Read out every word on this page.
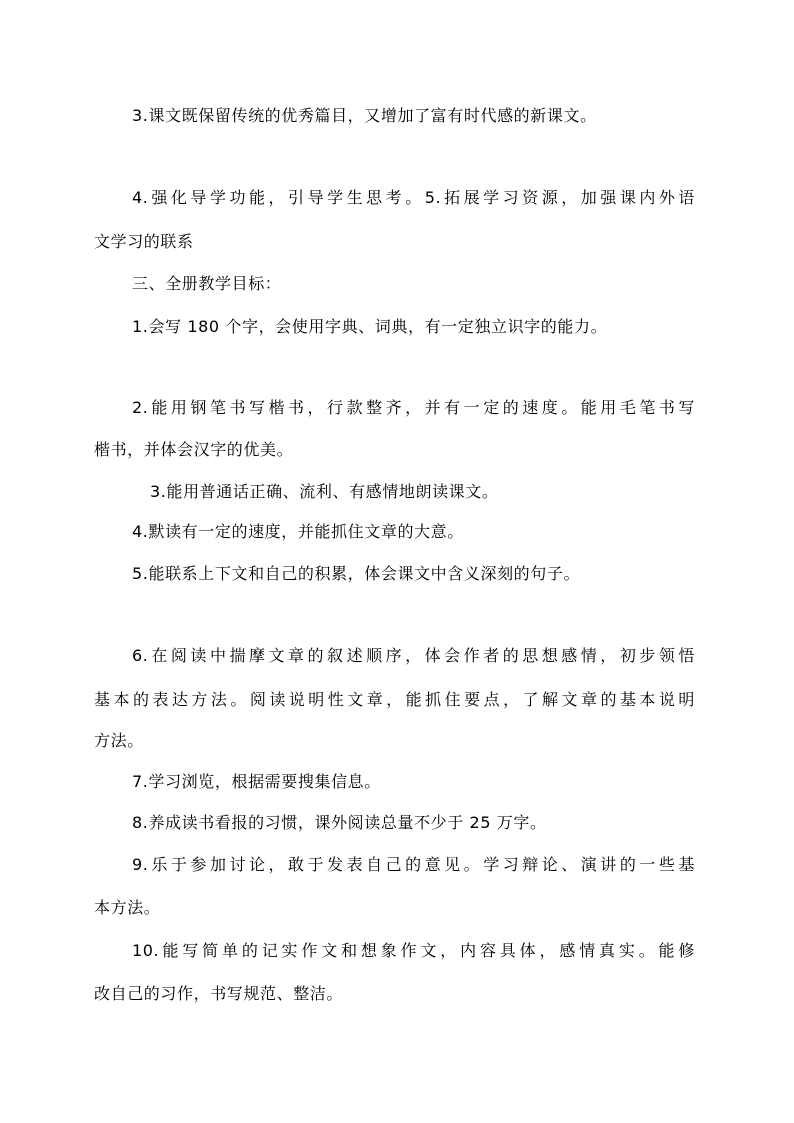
3.课文既保留传统的优秀篇目，又增加了富有时代感的新课文。
4.强化导学功能，引导学生思考。5.拓展学习资源，加强课内外语
文学习的联系
三、全册教学目标：
1.会写 180 个字，会使用字典、词典，有一定独立识字的能力。
2.能用钢笔书写楷书，行款整齐，并有一定的速度。能用毛笔书写
楷书，并体会汉字的优美。
3.能用普通话正确、流利、有感情地朗读课文。
4.默读有一定的速度，并能抓住文章的大意。
5.能联系上下文和自己的积累，体会课文中含义深刻的句子。
6.在阅读中揣摩文章的叙述顺序，体会作者的思想感情，初步领悟
基本的表达方法。阅读说明性文章，能抓住要点，了解文章的基本说明
方法。
7.学习浏览，根据需要搜集信息。
8.养成读书看报的习惯，课外阅读总量不少于 25 万字。
9.乐于参加讨论，敢于发表自己的意见。学习辩论、演讲的一些基
本方法。
10.能写简单的记实作文和想象作文，内容具体，感情真实。能修
改自己的习作，书写规范、整洁。
